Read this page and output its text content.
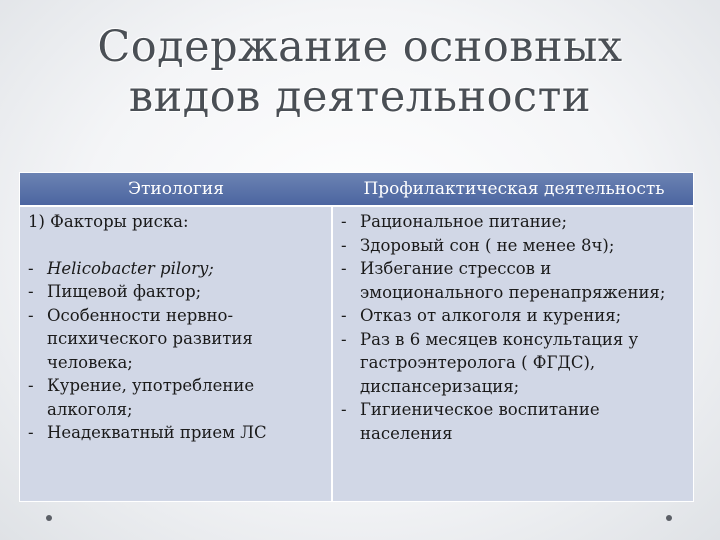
Содержание основных
видов деятельности
Этиология	Профилактическая деятельность
1) Факторы риска:
- Helicobacter pilory;
- Пищевой фактор;
- Особенности нервно-психического развития человека;
- Курение, употребление алкоголя;
- Неадекватный прием ЛС
- Рациональное питание;
- Здоровый сон ( не менее 8ч);
- Избегание стрессов и эмоционального перенапряжения;
- Отказ от алкоголя и курения;
- Раз в 6 месяцев консультация у гастроэнтеролога ( ФГДС), диспансеризация;
- Гигиеническое воспитание населения
